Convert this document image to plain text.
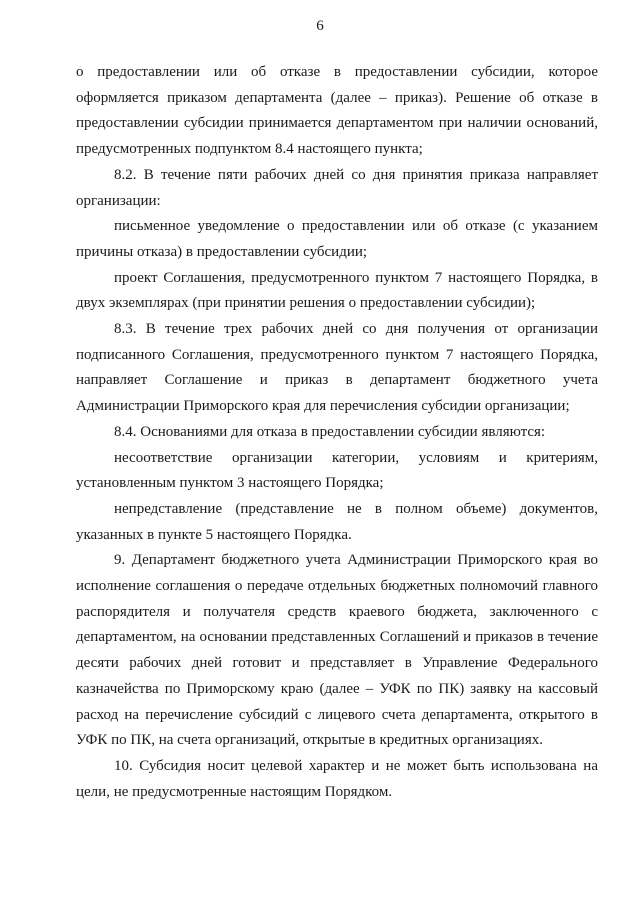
6

о предоставлении или об отказе в предоставлении субсидии, которое оформляется приказом департамента (далее – приказ). Решение об отказе в предоставлении субсидии принимается департаментом при наличии оснований, предусмотренных подпунктом 8.4 настоящего пункта;

8.2. В течение пяти рабочих дней со дня принятия приказа направляет организации:

письменное уведомление о предоставлении или об отказе (с указанием причины отказа) в предоставлении субсидии;

проект Соглашения, предусмотренного пунктом 7 настоящего Порядка, в двух экземплярах (при принятии решения о предоставлении субсидии);

8.3. В течение трех рабочих дней со дня получения от организации подписанного Соглашения, предусмотренного пунктом 7 настоящего Порядка, направляет Соглашение и приказ в департамент бюджетного учета Администрации Приморского края для перечисления субсидии организации;

8.4. Основаниями для отказа в предоставлении субсидии являются:

несоответствие организации категории, условиям и критериям, установленным пунктом 3 настоящего Порядка;

непредставление (представление не в полном объеме) документов, указанных в пункте 5 настоящего Порядка.

9. Департамент бюджетного учета Администрации Приморского края во исполнение соглашения о передаче отдельных бюджетных полномочий главного распорядителя и получателя средств краевого бюджета, заключенного с департаментом, на основании представленных Соглашений и приказов в течение десяти рабочих дней готовит и представляет в Управление Федерального казначейства по Приморскому краю (далее – УФК по ПК) заявку на кассовый расход на перечисление субсидий с лицевого счета департамента, открытого в УФК по ПК, на счета организаций, открытые в кредитных организациях.

10. Субсидия носит целевой характер и не может быть использована на цели, не предусмотренные настоящим Порядком.
